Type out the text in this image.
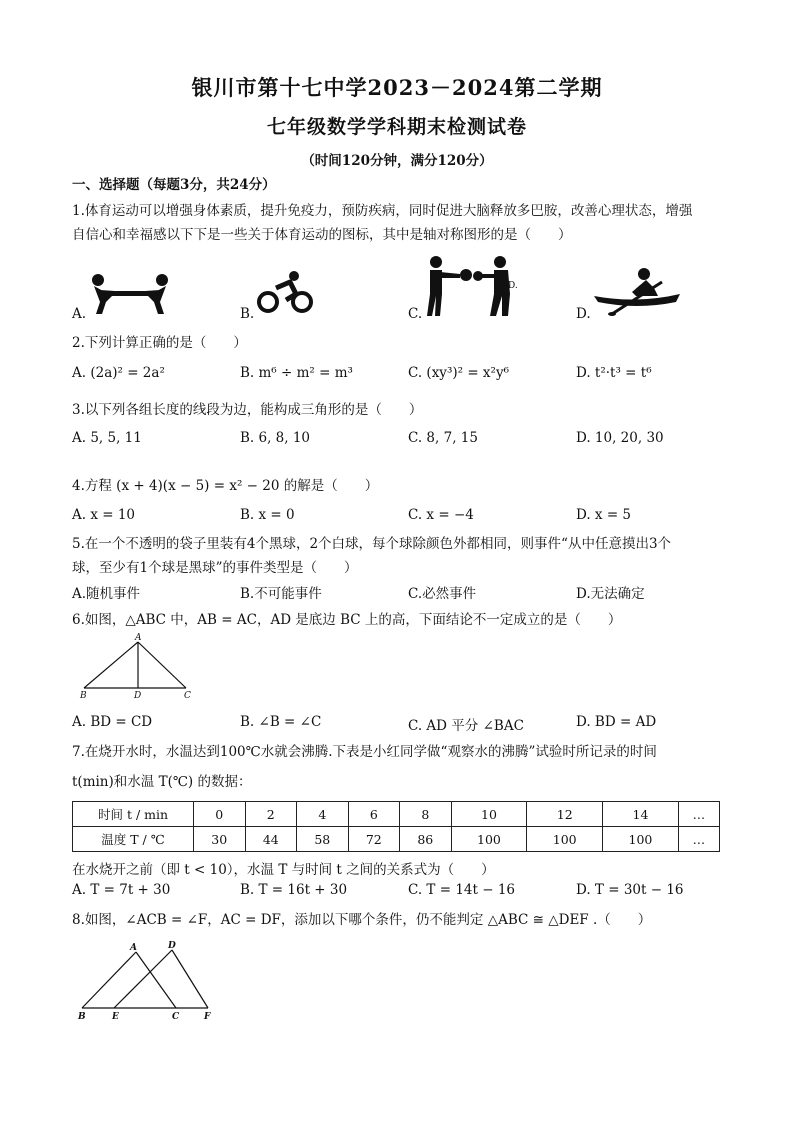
银川市第十七中学2023－2024第二学期
七年级数学学科期末检测试卷
（时间120分钟，满分120分）
一、选择题（每题3分，共24分）
1.体育运动可以增强身体素质，提升免疫力，预防疾病，同时促进大脑释放多巴胺，改善心理状态，增强
自信心和幸福感以下下是一些关于体育运动的图标，其中是轴对称图形的是（　　）
A.	B.
D.
C.	D.
2.下列计算正确的是（　　）
A. (2a)² = 2a²	B. m⁶ ÷ m² = m³	C. (xy³)² = x²y⁶	D. t²·t³ = t⁶
3.以下列各组长度的线段为边，能构成三角形的是（　　）
A. 5, 5, 11	B. 6, 8, 10	C. 8, 7, 15	D. 10, 20, 30
4.方程 (x + 4)(x − 5) = x² − 20 的解是（　　）
A. x = 10	B. x = 0	C. x = −4	D. x = 5
5.在一个不透明的袋子里装有4个黑球，2个白球，每个球除颜色外都相同，则事件“从中任意摸出3个
球，至少有1个球是黑球”的事件类型是（　　）
A.随机事件	B.不可能事件	C.必然事件	D.无法确定
6.如图，△ABC 中，AB = AC，AD 是底边 BC 上的高，下面结论不一定成立的是（　　）
A
B	D	C
A. BD = CD	B. ∠B = ∠C	C. AD 平分 ∠BAC	D. BD = AD
7.在烧开水时，水温达到100℃水就会沸腾.下表是小红同学做“观察水的沸腾”试验时所记录的时间
t(min)和水温 T(℃) 的数据：
时间 t / min	0	2	4	6	8	10	12	14	…
温度 T / ℃	30	44	58	72	86	100	100	100	…
在水烧开之前（即 t < 10），水温 T 与时间 t 之间的关系式为（　　）
A. T = 7t + 30	B. T = 16t + 30	C. T = 14t − 16	D. T = 30t − 16
8.如图，∠ACB = ∠F，AC = DF，添加以下哪个条件，仍不能判定 △ABC ≅ △DEF .（　　）
A	D
B	E	C	F
